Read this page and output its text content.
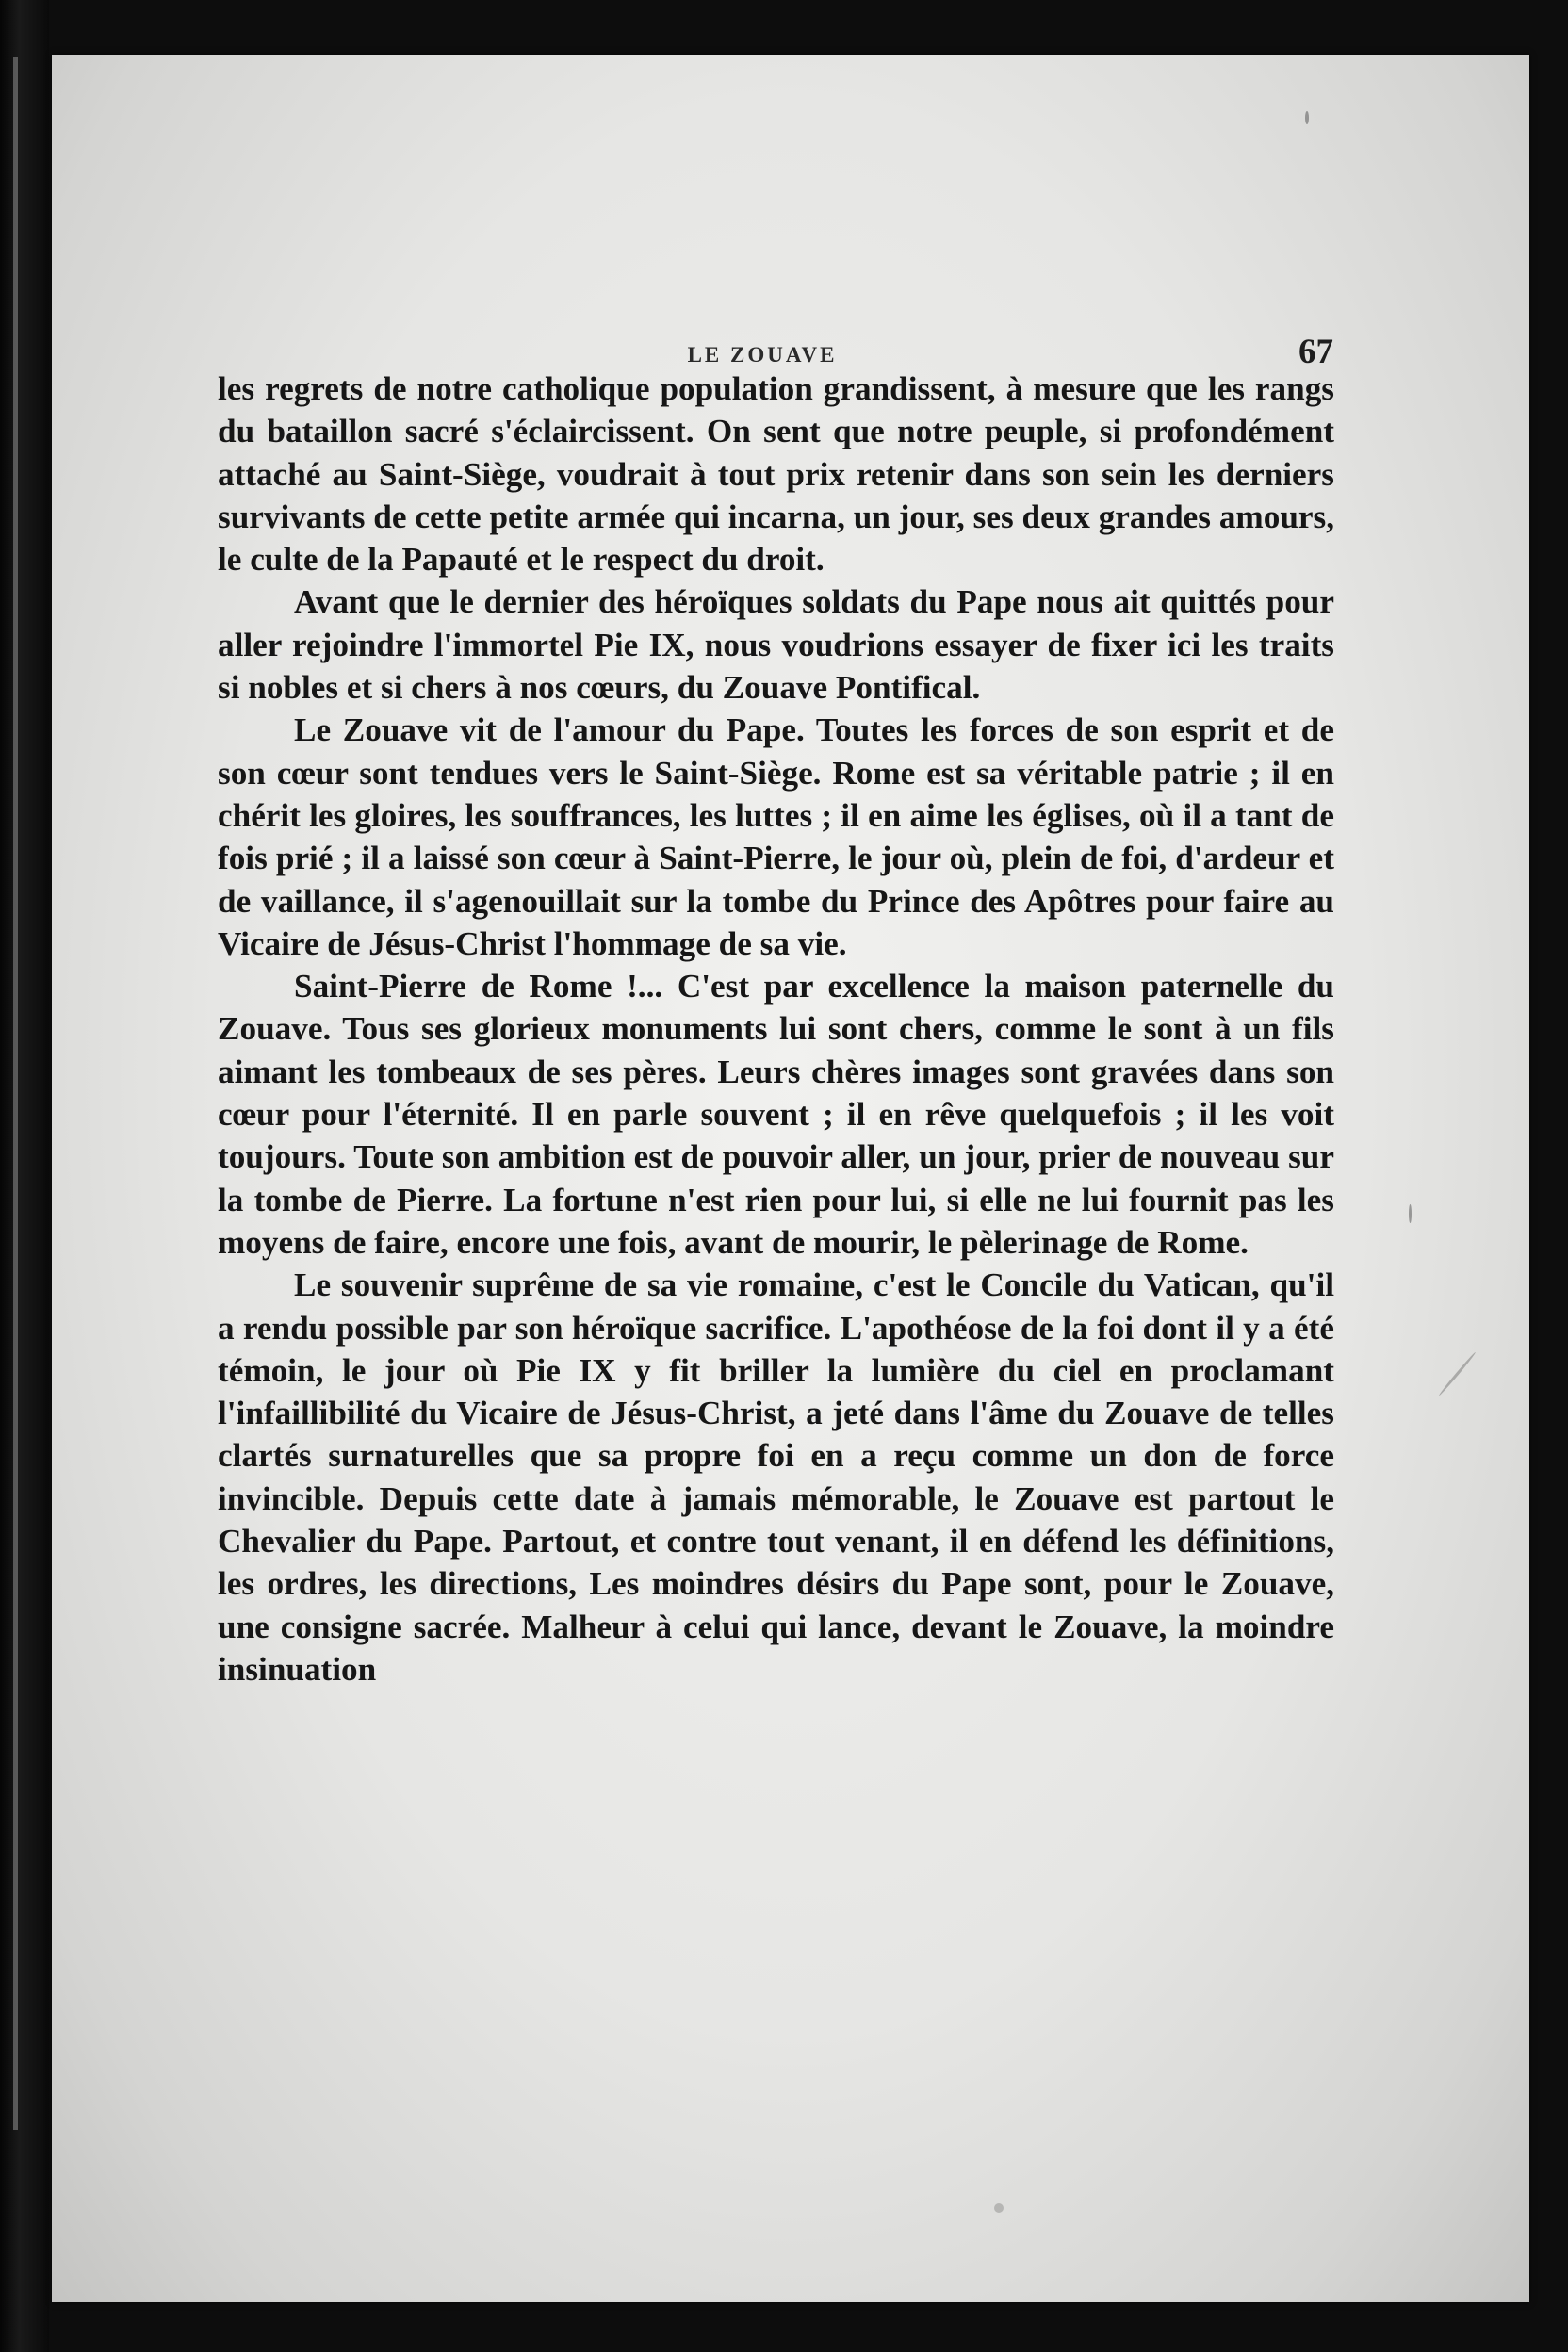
LE ZOUAVE	67

les regrets de notre catholique population grandissent, à mesure que les rangs du bataillon sacré s'éclaircissent. On sent que notre peuple, si profondément attaché au Saint-Siège, voudrait à tout prix retenir dans son sein les derniers survivants de cette petite armée qui incarna, un jour, ses deux grandes amours, le culte de la Papauté et le respect du droit.

Avant que le dernier des héroïques soldats du Pape nous ait quittés pour aller rejoindre l'immortel Pie IX, nous voudrions essayer de fixer ici les traits si nobles et si chers à nos cœurs, du Zouave Pontifical.

Le Zouave vit de l'amour du Pape. Toutes les forces de son esprit et de son cœur sont tendues vers le Saint-Siège. Rome est sa véritable patrie ; il en chérit les gloires, les souffrances, les luttes ; il en aime les églises, où il a tant de fois prié ; il a laissé son cœur à Saint-Pierre, le jour où, plein de foi, d'ardeur et de vaillance, il s'agenouillait sur la tombe du Prince des Apôtres pour faire au Vicaire de Jésus-Christ l'hommage de sa vie.

Saint-Pierre de Rome !... C'est par excellence la maison paternelle du Zouave. Tous ses glorieux monuments lui sont chers, comme le sont à un fils aimant les tombeaux de ses pères. Leurs chères images sont gravées dans son cœur pour l'éternité. Il en parle souvent ; il en rêve quelquefois ; il les voit toujours. Toute son ambition est de pouvoir aller, un jour, prier de nouveau sur la tombe de Pierre. La fortune n'est rien pour lui, si elle ne lui fournit pas les moyens de faire, encore une fois, avant de mourir, le pèlerinage de Rome.

Le souvenir suprême de sa vie romaine, c'est le Concile du Vatican, qu'il a rendu possible par son héroïque sacrifice. L'apothéose de la foi dont il y a été témoin, le jour où Pie IX y fit briller la lumière du ciel en proclamant l'infaillibilité du Vicaire de Jésus-Christ, a jeté dans l'âme du Zouave de telles clartés surnaturelles que sa propre foi en a reçu comme un don de force invincible. Depuis cette date à jamais mémorable, le Zouave est partout le Chevalier du Pape. Partout, et contre tout venant, il en défend les définitions, les ordres, les directions, Les moindres désirs du Pape sont, pour le Zouave, une consigne sacrée. Malheur à celui qui lance, devant le Zouave, la moindre insinuation
